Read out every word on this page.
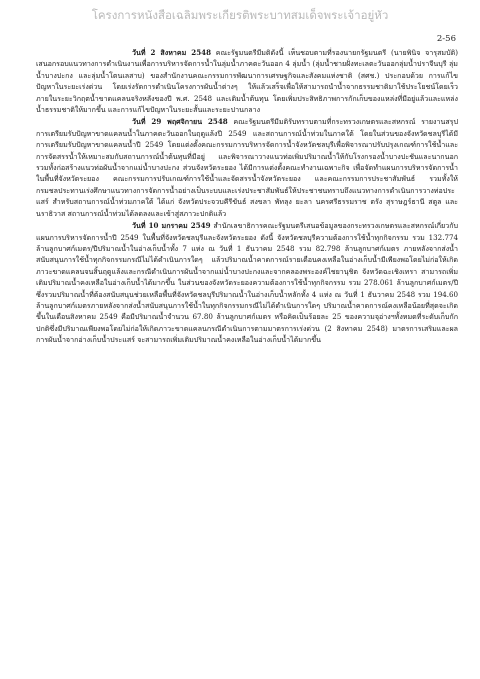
โครงการหนังสือเฉลิมพระเกียรติพระบาทสมเด็จพระเจ้าอยู่หัว
2-56

วันที่ 2 สิงหาคม 2548 คณะรัฐมนตรีมีมติดังนี้ เห็นชอบตามที่รองนายกรัฐมนตรี (นายพินิจ จารุสมบัติ) เสนอกรอบแนวทางการดำเนินงานเพื่อการบริหารจัดการน้ำในลุ่มน้ำภาคตะวันออก 4 ลุ่มน้ำ (ลุ่มน้ำชายฝั่งทะเลตะวันออกลุ่มน้ำปราจีนบุรี ลุ่มน้ำบางปะกง และลุ่มน้ำโตนเลสาบ) ของสำนักงานคณะกรรมการพัฒนาการเศรษฐกิจและสังคมแห่งชาติ (สศช.) ประกอบด้วย การแก้ไขปัญหาในระยะเร่งด่วน โดยเร่งรัดการดำเนินโครงการผันน้ำต่างๆ ให้แล้วเสร็จเพื่อให้สามารถนำน้ำจากธรรมชาติมาใช้ประโยชน์โดยเร็วภายในระยะวิกฤตน้ำขาดแคลนจริงหลังของปี พ.ศ. 2548 และเติมน้ำต้นทุน โดยเพิ่มประสิทธิภาพการกักเก็บของแหล่งที่มีอยู่แล้วและแหล่งน้ำธรรมชาติให้มากขึ้น และการแก้ไขปัญหาในระยะสั้นและระยะปานกลาง

วันที่ 29 พฤศจิกายน 2548 คณะรัฐมนตรีมีมติรับทราบตามที่กระทรวงเกษตรและสหกรณ์ รายงานสรุปการเตรียมรับปัญหาขาดแคลนน้ำในภาคตะวันออกในฤดูแล้งปี 2549 และสถานการณ์น้ำท่วมในภาคใต้ โดยในส่วนของจังหวัดชลบุรีได้มีการเตรียมรับปัญหาขาดแคลนน้ำปี 2549 โดยแต่งตั้งคณะกรรมการบริหารจัดการน้ำจังหวัดชลบุรีเพื่อพิจารณาปรับปรุงเกณฑ์การใช้น้ำและการจัดสรรน้ำให้เหมาะสมกับสถานการณ์น้ำต้นทุนที่มีอยู่ และพิจารณาวางแนวท่อเพิ่มปริมาณน้ำให้กับโรงกรองน้ำบางปะชันและนากนอก รวมทั้งก่อสร้างแนวท่อผันน้ำจากแม่น้ำบางปะกง ส่วนจังหวัดระยอง ได้มีการแต่งตั้งคณะทำงานเฉพาะกิจ เพื่อจัดทำแผนการบริหารจัดการน้ำในพื้นที่จังหวัดระยอง คณะกรรมการปรับเกณฑ์การใช้น้ำและจัดสรรน้ำจังหวัดระยอง และคณะกรรมการประชาสัมพันธ์ รวมทั้งให้กรมชลประทานเร่งศึกษาแนวทางการจัดการน้ำอย่างเป็นระบบและเร่งประชาสัมพันธ์ให้ประชาชนทราบถึงแนวทางการดำเนินการวางท่อประแสร์ สำหรับสถานการณ์น้ำท่วมภาคใต้ ได้แก่ จังหวัดประจวบคีรีขันธ์ สงขลา พัทลุง ยะลา นครศรีธรรมราช ตรัง สุราษฎร์ธานี สตูล และนราธิวาส สถานการณ์น้ำท่วมได้ลดลงและเข้าสู่สภาวะปกติแล้ว

วันที่ 10 มกราคม 2549 สำนักเลขาธิการคณะรัฐมนตรีเสนอข้อมูลของกระทรวงเกษตรและสหกรณ์เกี่ยวกับแผนการบริหารจัดการน้ำปี 2549 ในพื้นที่จังหวัดชลบุรีและจังหวัดระยอง ดังนี้ จังหวัดชลบุรีความต้องการใช้น้ำทุกกิจกรรม รวม 132.774 ล้านลูกบาศก์เมตร/ปีปริมาณน้ำในอ่างเก็บน้ำทั้ง 7 แห่ง ณ วันที่ 1 ธันวาคม 2548 รวม 82.798 ล้านลูกบาศก์เมตร ภายหลังจากส่งน้ำสนับสนุนการใช้น้ำทุกกิจกรรมกรณีไม่ได้ดำเนินการใดๆ แล้วปริมาณน้ำคาดการณ์รายเดือนคงเหลือในอ่างเก็บน้ำมีเพียงพอโดยไม่ก่อให้เกิดภาวะขาดแคลนจนสิ้นฤดูแล้งและกรณีดำเนินการผันน้ำจากแม่น้ำบางปะกงและจากคลองพระองค์ไชยานุชิต จังหวัดฉะเชิงเทรา สามารถเพิ่มเติมปริมาณน้ำคงเหลือในอ่างเก็บน้ำได้มากขึ้น ในส่วนของจังหวัดระยองความต้องการใช้น้ำทุกกิจกรรม รวม 278.061 ล้านลูกบาศก์เมตร/ปี ซึ่งรวมปริมาณน้ำที่ต้องสนับสนุนช่วยเหลือพื้นที่จังหวัดชลบุรีปริมาณน้ำในอ่างเก็บน้ำหลักทั้ง 4 แห่ง ณ วันที่ 1 ธันวาคม 2548 รวม 194.60 ล้านลูกบาศก์เมตรภายหลังจากส่งน้ำสนับสนุนการใช้น้ำในทุกกิจกรรมกรณีไม่ได้ดำเนินการใดๆ ปริมาณน้ำคาดการณ์คงเหลือน้อยที่สุดจะเกิดขึ้นในเดือนสิงหาคม 2549 คือมีปริมาณน้ำจำนวน 67.80 ล้านลูกบาศก์เมตร หรือคิดเป็นร้อยละ 25 ของความจุอ่างฯทั้งหมดที่ระดับเก็บกักปกติซึ่งมีปริมาณเพียงพอโดยไม่ก่อให้เกิดภาวะขาดแคลนกรณีดำเนินการตามมาตรการเร่งด่วน (2 สิงหาคม 2548) มาตรการเสริมและผลการผันน้ำจากอ่างเก็บน้ำประแสร์ จะสามารถเพิ่มเติมปริมาณน้ำคงเหลือในอ่างเก็บน้ำได้มากขึ้น
